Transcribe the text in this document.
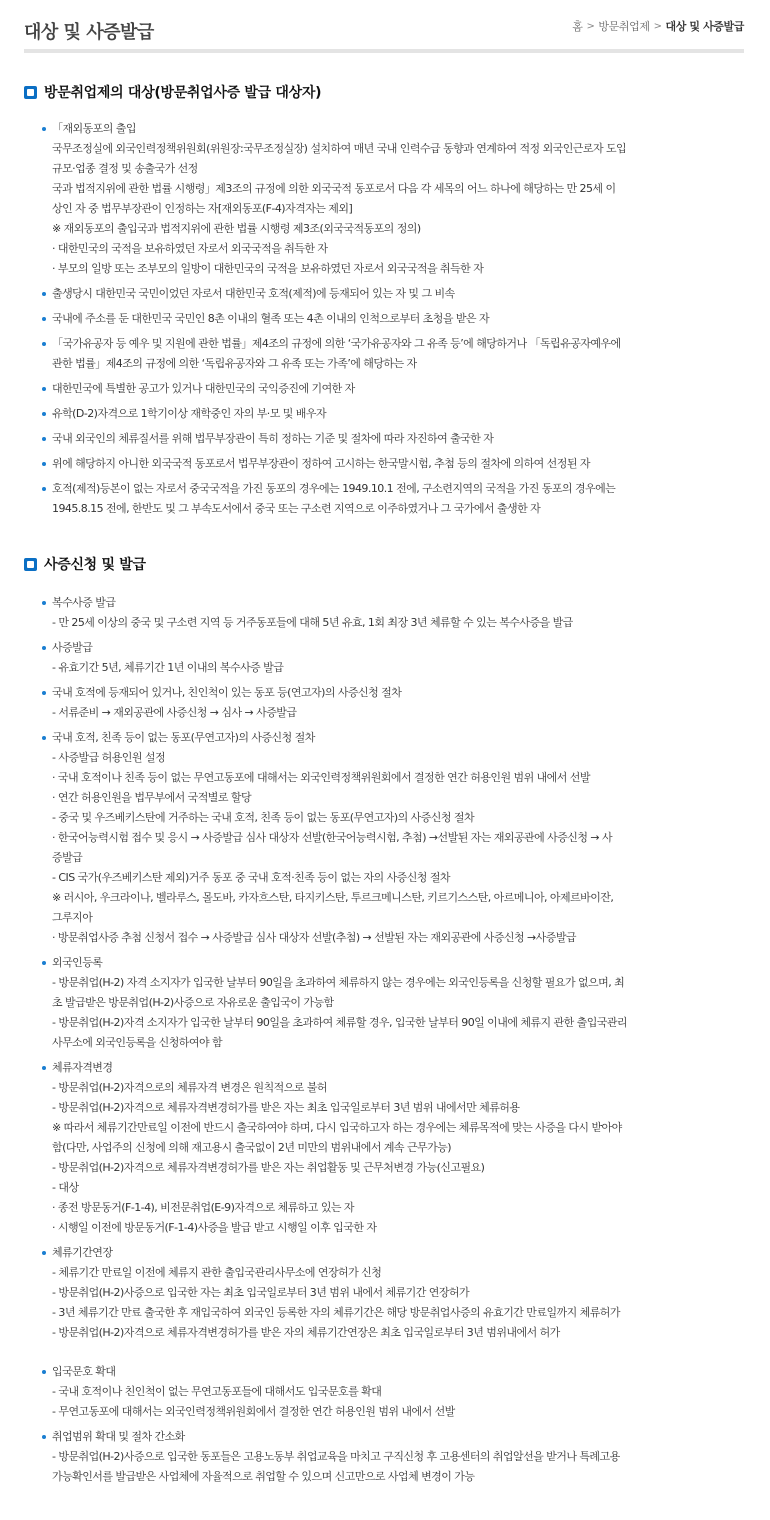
대상 및 사증발급	홈 > 방문취업제 > 대상 및 사증발급
방문취업제의 대상(방문취업사증 발급 대상자)
「재외동포의 출입
국무조정실에 외국인력정책위원회(위원장:국무조정실장) 설치하여 매년 국내 인력수급 동향과 연계하여 적정 외국인근로자 도입
규모·업종 결정 및 송출국가 선정
국과 법적지위에 관한 법률 시행령」제3조의 규정에 의한 외국국적 동포로서 다음 각 세목의 어느 하나에 해당하는 만 25세 이
상인 자 중 법무부장관이 인정하는 자[재외동포(F-4)자격자는 제외]
※ 재외동포의 출입국과 법적지위에 관한 법률 시행령 제3조(외국국적동포의 정의)
· 대한민국의 국적을 보유하였던 자로서 외국국적을 취득한 자
· 부모의 일방 또는 조부모의 일방이 대한민국의 국적을 보유하였던 자로서 외국국적을 취득한 자
출생당시 대한민국 국민이었던 자로서 대한민국 호적(제적)에 등재되어 있는 자 및 그 비속
국내에 주소를 둔 대한민국 국민인 8촌 이내의 혈족 또는 4촌 이내의 인척으로부터 초청을 받은 자
「국가유공자 등 예우 및 지원에 관한 법률」제4조의 규정에 의한 ‘국가유공자와 그 유족 등’에 해당하거나 「독립유공자예우에
관한 법률」제4조의 규정에 의한 ‘독립유공자와 그 유족 또는 가족’에 해당하는 자
대한민국에 특별한 공고가 있거나 대한민국의 국익증진에 기여한 자
유학(D-2)자격으로 1학기이상 재학중인 자의 부·모 및 배우자
국내 외국인의 체류질서를 위해 법무부장관이 특히 정하는 기준 및 절차에 따라 자진하여 출국한 자
위에 해당하지 아니한 외국국적 동포로서 법무부장관이 정하여 고시하는 한국말시험, 추첨 등의 절차에 의하여 선정된 자
호적(제적)등본이 없는 자로서 중국국적을 가진 동포의 경우에는 1949.10.1 전에, 구소련지역의 국적을 가진 동포의 경우에는
1945.8.15 전에, 한반도 및 그 부속도서에서 중국 또는 구소련 지역으로 이주하였거나 그 국가에서 출생한 자
사증신청 및 발급
복수사증 발급
- 만 25세 이상의 중국 및 구소련 지역 등 거주동포들에 대해 5년 유효, 1회 최장 3년 체류할 수 있는 복수사증을 발급
사증발급
- 유효기간 5년, 체류기간 1년 이내의 복수사증 발급
국내 호적에 등재되어 있거나, 친인척이 있는 동포 등(연고자)의 사증신청 절차
- 서류준비 → 재외공관에 사증신청 → 심사 → 사증발급
국내 호적, 친족 등이 없는 동포(무연고자)의 사증신청 절차
- 사증발급 허용인원 설정
· 국내 호적이나 친족 등이 없는 무연고동포에 대해서는 외국인력정책위원회에서 결정한 연간 허용인원 범위 내에서 선발
· 연간 허용인원을 법무부에서 국적별로 할당
- 중국 및 우즈베키스탄에 거주하는 국내 호적, 친족 등이 없는 동포(무연고자)의 사증신청 절차
· 한국어능력시험 접수 및 응시 → 사증발급 심사 대상자 선발(한국어능력시험, 추첨) →선발된 자는 재외공관에 사증신청 → 사
증발급
- CIS 국가(우즈베키스탄 제외)거주 동포 중 국내 호적·친족 등이 없는 자의 사증신청 절차
※ 러시아, 우크라이나, 벨라루스, 몰도바, 카자흐스탄, 타지키스탄, 투르크메니스탄, 키르기스스탄, 아르메니아, 아제르바이잔,
그루지아
· 방문취업사증 추첨 신청서 접수 → 사증발급 심사 대상자 선발(추첨) → 선발된 자는 재외공관에 사증신청 →사증발급
외국인등록
- 방문취업(H-2) 자격 소지자가 입국한 날부터 90일을 초과하여 체류하지 않는 경우에는 외국인등록을 신청할 필요가 없으며, 최
초 발급받은 방문취업(H-2)사증으로 자유로운 출입국이 가능함
- 방문취업(H-2)자격 소지자가 입국한 날부터 90일을 초과하여 체류할 경우, 입국한 날부터 90일 이내에 체류지 관한 출입국관리
사무소에 외국인등록을 신청하여야 함
체류자격변경
- 방문취업(H-2)자격으로의 체류자격 변경은 원칙적으로 불허
- 방문취업(H-2)자격으로 체류자격변경허가를 받은 자는 최초 입국일로부터 3년 범위 내에서만 체류허용
※ 따라서 체류기간만료일 이전에 반드시 출국하여야 하며, 다시 입국하고자 하는 경우에는 체류목적에 맞는 사증을 다시 받아야
함(다만, 사업주의 신청에 의해 재고용시 출국없이 2년 미만의 범위내에서 계속 근무가능)
- 방문취업(H-2)자격으로 체류자격변경허가를 받은 자는 취업활동 및 근무처변경 가능(신고필요)
- 대상
· 종전 방문동거(F-1-4), 비전문취업(E-9)자격으로 체류하고 있는 자
· 시행일 이전에 방문동거(F-1-4)사증을 발급 받고 시행일 이후 입국한 자
체류기간연장
- 체류기간 만료일 이전에 체류지 관한 출입국관리사무소에 연장허가 신청
- 방문취업(H-2)사증으로 입국한 자는 최초 입국일로부터 3년 범위 내에서 체류기간 연장허가
- 3년 체류기간 만료 출국한 후 재입국하여 외국인 등록한 자의 체류기간은 해당 방문취업사증의 유효기간 만료일까지 체류허가
- 방문취업(H-2)자격으로 체류자격변경허가를 받은 자의 체류기간연장은 최초 입국일로부터 3년 범위내에서 허가
입국문호 확대
- 국내 호적이나 친인척이 없는 무연고동포들에 대해서도 입국문호를 확대
- 무연고동포에 대해서는 외국인력정책위원회에서 결정한 연간 허용인원 범위 내에서 선발
취업범위 확대 및 절차 간소화
- 방문취업(H-2)사증으로 입국한 동포들은 고용노동부 취업교육을 마치고 구직신청 후 고용센터의 취업알선을 받거나 특례고용
가능확인서를 발급받은 사업체에 자율적으로 취업할 수 있으며 신고만으로 사업체 변경이 가능
